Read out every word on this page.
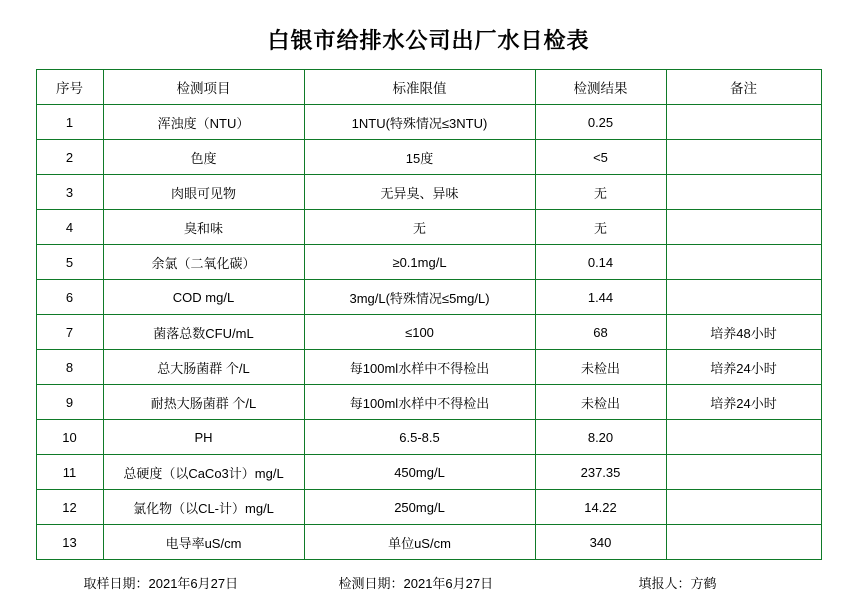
白银市给排水公司出厂水日检表
序号	检测项目	标准限值	检测结果	备注
1	浑浊度（NTU）	1NTU(特殊情况≤3NTU)	0.25	
2	色度	15度	<5	
3	肉眼可见物	无异臭、异味	无	
4	臭和味	无	无	
5	余氯（二氧化碳）	≥0.1mg/L	0.14	
6	COD mg/L	3mg/L(特殊情况≤5mg/L)	1.44	
7	菌落总数CFU/mL	≤100	68	培养48小时
8	总大肠菌群 个/L	每100ml水样中不得检出	未检出	培养24小时
9	耐热大肠菌群 个/L	每100ml水样中不得检出	未检出	培养24小时
10	PH	6.5-8.5	8.20	
11	总硬度（以CaCo3计）mg/L	450mg/L	237.35	
12	氯化物（以CL-计）mg/L	250mg/L	14.22	
13	电导率uS/cm	单位uS/cm	340	
取样日期：2021年6月27日	检测日期：2021年6月27日	填报人：方鹤
